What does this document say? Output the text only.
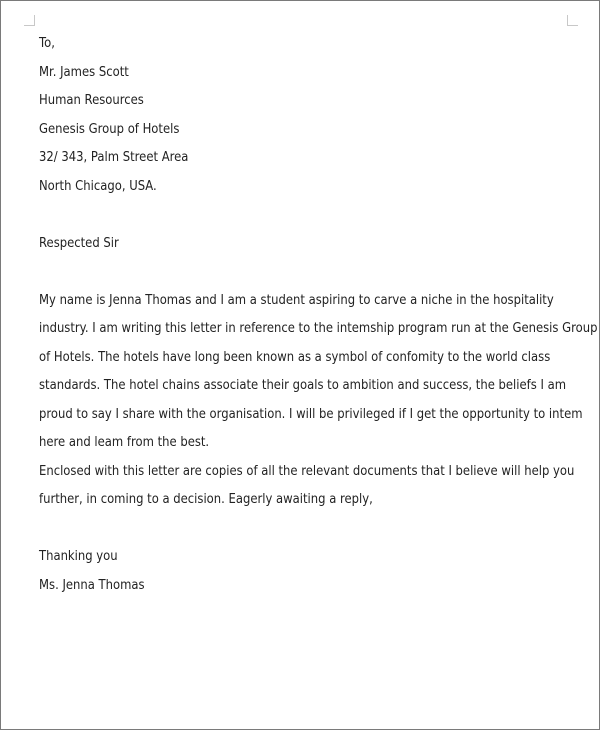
To,
Mr. James Scott
Human Resources
Genesis Group of Hotels
32/ 343, Palm Street Area
North Chicago, USA.
Respected Sir
My name is Jenna Thomas and I am a student aspiring to carve a niche in the hospitality
industry. I am writing this letter in reference to the intemship program run at the Genesis Group
of Hotels. The hotels have long been known as a symbol of confomity to the world class
standards. The hotel chains associate their goals to ambition and success, the beliefs I am
proud to say I share with the organisation. I will be privileged if I get the opportunity to intem
here and leam from the best.
Enclosed with this letter are copies of all the relevant documents that I believe will help you
further, in coming to a decision. Eagerly awaiting a reply,
Thanking you
Ms. Jenna Thomas
